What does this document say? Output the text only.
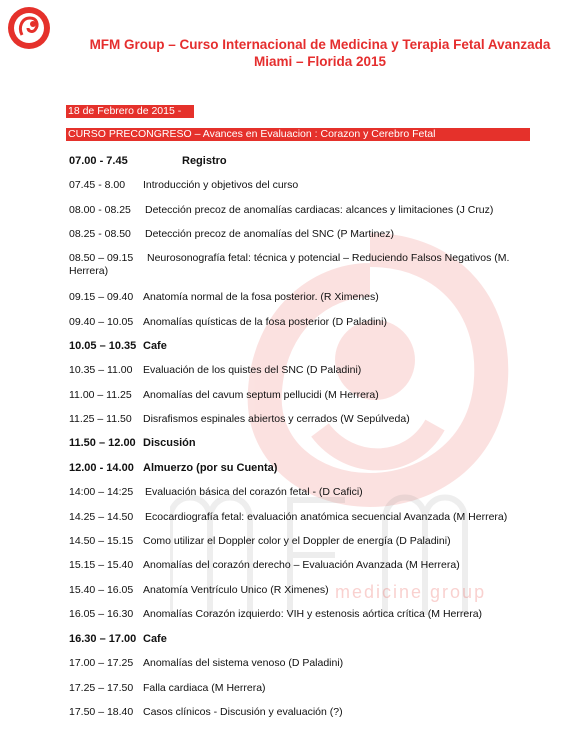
medicine group
MFM Group – Curso Internacional de Medicina y Terapia Fetal Avanzada
Miami – Florida 2015
18 de Febrero de 2015 -
CURSO PRECONGRESO – Avances en Evaluacion : Corazon y Cerebro Fetal
07.00 - 7.45	Registro
07.45 - 8.00 Introducción y objetivos del curso
08.00 - 08.25 Detección precoz de anomalías cardiacas: alcances y limitaciones (J Cruz)
08.25 - 08.50 Detección precoz de anomalías del SNC (P Martinez)
08.50 – 09.15 Neurosonografía fetal: técnica y potencial – Reduciendo Falsos Negativos (M. Herrera)
09.15 – 09.40 Anatomía normal de la fosa posterior. (R Ximenes)
09.40 – 10.05 Anomalías quísticas de la fosa posterior (D Paladini)
10.05 – 10.35 Cafe
10.35 – 11.00 Evaluación de los quistes del SNC (D Paladini)
11.00 – 11.25 Anomalías del cavum septum pellucidi (M Herrera)
11.25 – 11.50 Disrafismos espinales abiertos y cerrados (W Sepúlveda)
11.50 – 12.00 Discusión
12.00 - 14.00 Almuerzo (por su Cuenta)
14:00 – 14:25 Evaluación básica del corazón fetal - (D Cafici)
14.25 – 14.50 Ecocardiografía fetal: evaluación anatómica secuencial Avanzada (M Herrera)
14.50 – 15.15 Como utilizar el Doppler color y el Doppler de energía (D Paladini)
15.15 – 15.40 Anomalías del corazón derecho – Evaluación Avanzada (M Herrera)
15.40 – 16.05 Anatomía Ventrículo Unico (R Ximenes)
16.05 – 16.30 Anomalías Corazón izquierdo: VIH y estenosis aórtica crítica (M Herrera)
16.30 – 17.00 Cafe
17.00 – 17.25 Anomalías del sistema venoso (D Paladini)
17.25 – 17.50 Falla cardiaca (M Herrera)
17.50 – 18.40 Casos clínicos - Discusión y evaluación (?)
